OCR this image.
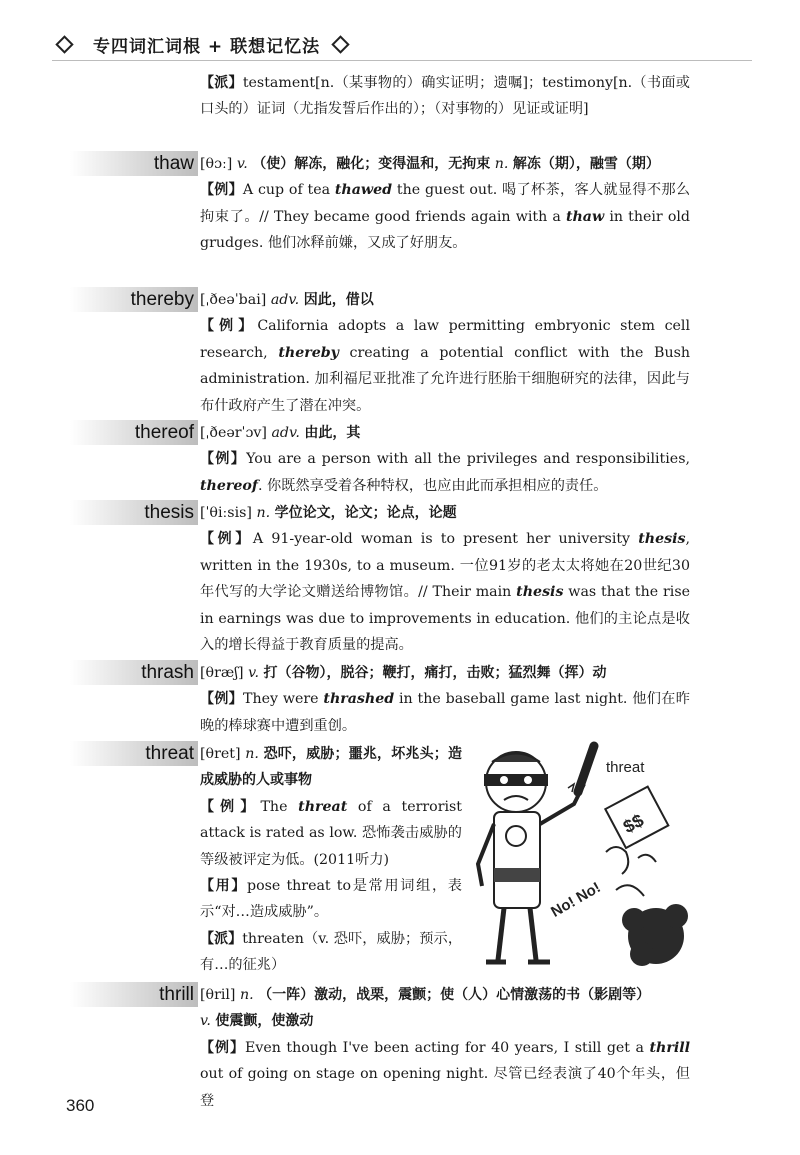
专四词汇词根 + 联想记忆法
【派】testament[n.（某事物的）确实证明；遗嘱]；testimony[n.（书面或口头的）证词（尤指发誓后作出的）；（对事物的）见证或证明]
thaw [θɔː] v. （使）解冻，融化；变得温和，无拘束 n. 解冻（期），融雪（期）
【例】A cup of tea thawed the guest out. 喝了杯茶，客人就显得不那么拘束了。// They became good friends again with a thaw in their old grudges. 他们冰释前嫌，又成了好朋友。
thereby [ˌðeəˈbai] adv. 因此，借以
【例】California adopts a law permitting embryonic stem cell research, thereby creating a potential conflict with the Bush administration. 加利福尼亚批准了允许进行胚胎干细胞研究的法律，因此与布什政府产生了潜在冲突。
thereof [ˌðeərˈɔv] adv. 由此，其
【例】You are a person with all the privileges and responsibilities, thereof. 你既然享受着各种特权，也应由此而承担相应的责任。
thesis [ˈθiːsis] n. 学位论文，论文；论点，论题
【例】A 91-year-old woman is to present her university thesis, written in the 1930s, to a museum. 一位91岁的老太太将她在20世纪30年代写的大学论文赠送给博物馆。// Their main thesis was that the rise in earnings was due to improvements in education. 他们的主论点是收入的增长得益于教育质量的提高。
thrash [θræʃ] v. 打（谷物），脱谷；鞭打，痛打，击败；猛烈舞（挥）动
【例】They were thrashed in the baseball game last night. 他们在昨晚的棒球赛中遭到重创。
threat [θret] n. 恐吓，威胁；噩兆，坏兆头；造成威胁的人或事物
【例】The threat of a terrorist attack is rated as low. 恐怖袭击威胁的等级被评定为低。(2011听力)
【用】pose threat to是常用词组，表示“对…造成威胁”。
【派】threaten（v. 恐吓，威胁；预示，有…的征兆）
threat
$$
No! No!
thrill [θril] n. （一阵）激动，战栗，震颤；使（人）心情激荡的书（影剧等）
v. 使震颤，使激动
【例】Even though I've been acting for 40 years, I still get a thrill out of going on stage on opening night. 尽管已经表演了40个年头，但登
360
